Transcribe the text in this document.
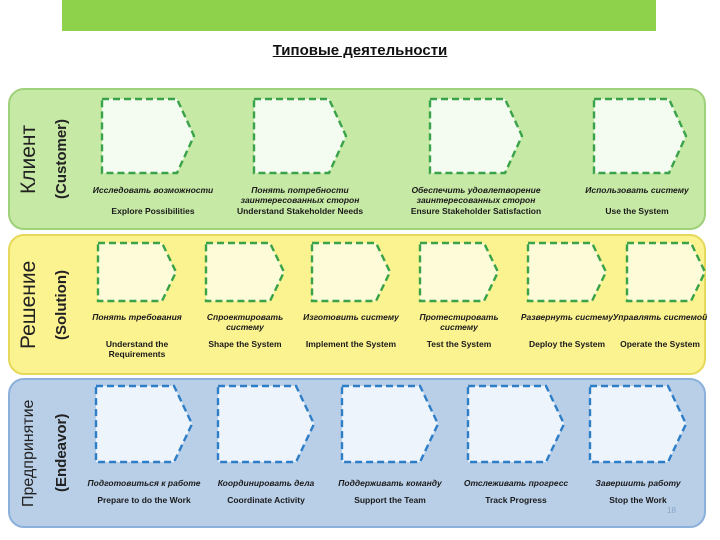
Типовые деятельности
Клиент (Customer)
Решение (Solution)
Предпринятие	(Endeavor)
Исследовать возможности
Explore Possibilities
Понять потребности заинтересованных сторон
Understand Stakeholder Needs
Обеспечить удовлетворение заинтересованных сторон
Ensure Stakeholder Satisfaction
Использовать систему
Use the System
Понять требования
Understand the Requirements
Спроектировать систему
Shape the System
Изготовить систему
Implement the System
Протестировать систему
Test the System
Развернуть систему
Deploy the System
Управлять системой
Operate the System
Подготовиться к работе
Prepare to do the Work
Координировать дела
Coordinate Activity
Поддерживать команду
Support the Team
Отслеживать прогресс
Track Progress
Завершить работу
Stop the Work
18
